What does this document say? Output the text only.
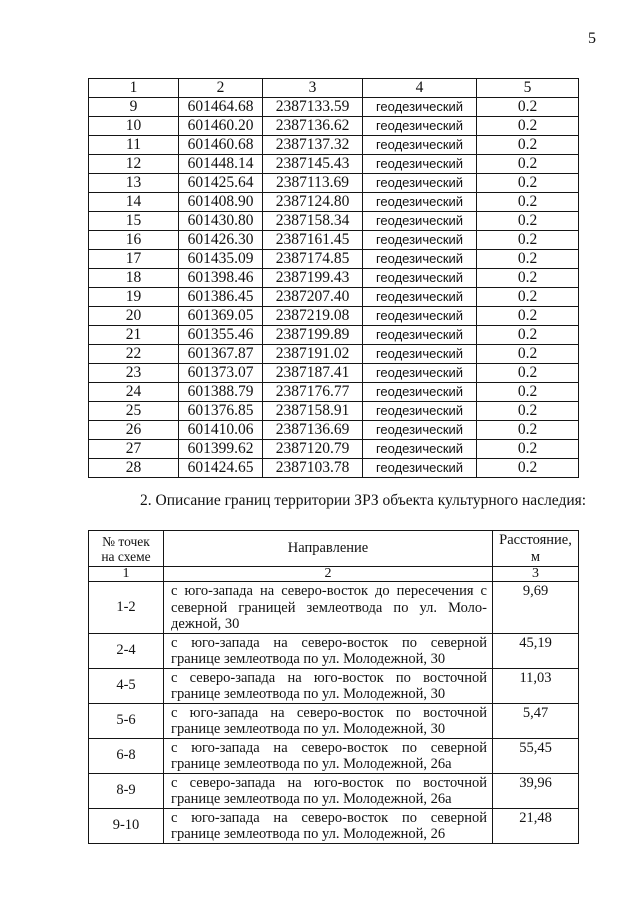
5
1	2	3	4	5
9	601464.68	2387133.59	геодезический	0.2
10	601460.20	2387136.62	геодезический	0.2
11	601460.68	2387137.32	геодезический	0.2
12	601448.14	2387145.43	геодезический	0.2
13	601425.64	2387113.69	геодезический	0.2
14	601408.90	2387124.80	геодезический	0.2
15	601430.80	2387158.34	геодезический	0.2
16	601426.30	2387161.45	геодезический	0.2
17	601435.09	2387174.85	геодезический	0.2
18	601398.46	2387199.43	геодезический	0.2
19	601386.45	2387207.40	геодезический	0.2
20	601369.05	2387219.08	геодезический	0.2
21	601355.46	2387199.89	геодезический	0.2
22	601367.87	2387191.02	геодезический	0.2
23	601373.07	2387187.41	геодезический	0.2
24	601388.79	2387176.77	геодезический	0.2
25	601376.85	2387158.91	геодезический	0.2
26	601410.06	2387136.69	геодезический	0.2
27	601399.62	2387120.79	геодезический	0.2
28	601424.65	2387103.78	геодезический	0.2
2. Описание границ территории ЗРЗ объекта культурного наследия:
№ точек
на схеме	Направление	Расстояние, м
1	2	3
1-2	с юго-запада на северо-восток до пересечения с
северной границей землеотвода по ул. Моло-
дежной, 30	9,69
2-4	с юго-запада на северо-восток по северной
границе землеотвода по ул. Молодежной, 30	45,19
4-5	с северо-запада на юго-восток по восточной
границе землеотвода по ул. Молодежной, 30	11,03
5-6	с юго-запада на северо-восток по восточной
границе землеотвода по ул. Молодежной, 30	5,47
6-8	с юго-запада на северо-восток по северной
границе землеотвода по ул. Молодежной, 26а	55,45
8-9	с северо-запада на юго-восток по восточной
границе землеотвода по ул. Молодежной, 26а	39,96
9-10	с юго-запада на северо-восток по северной
границе землеотвода по ул. Молодежной, 26	21,48
